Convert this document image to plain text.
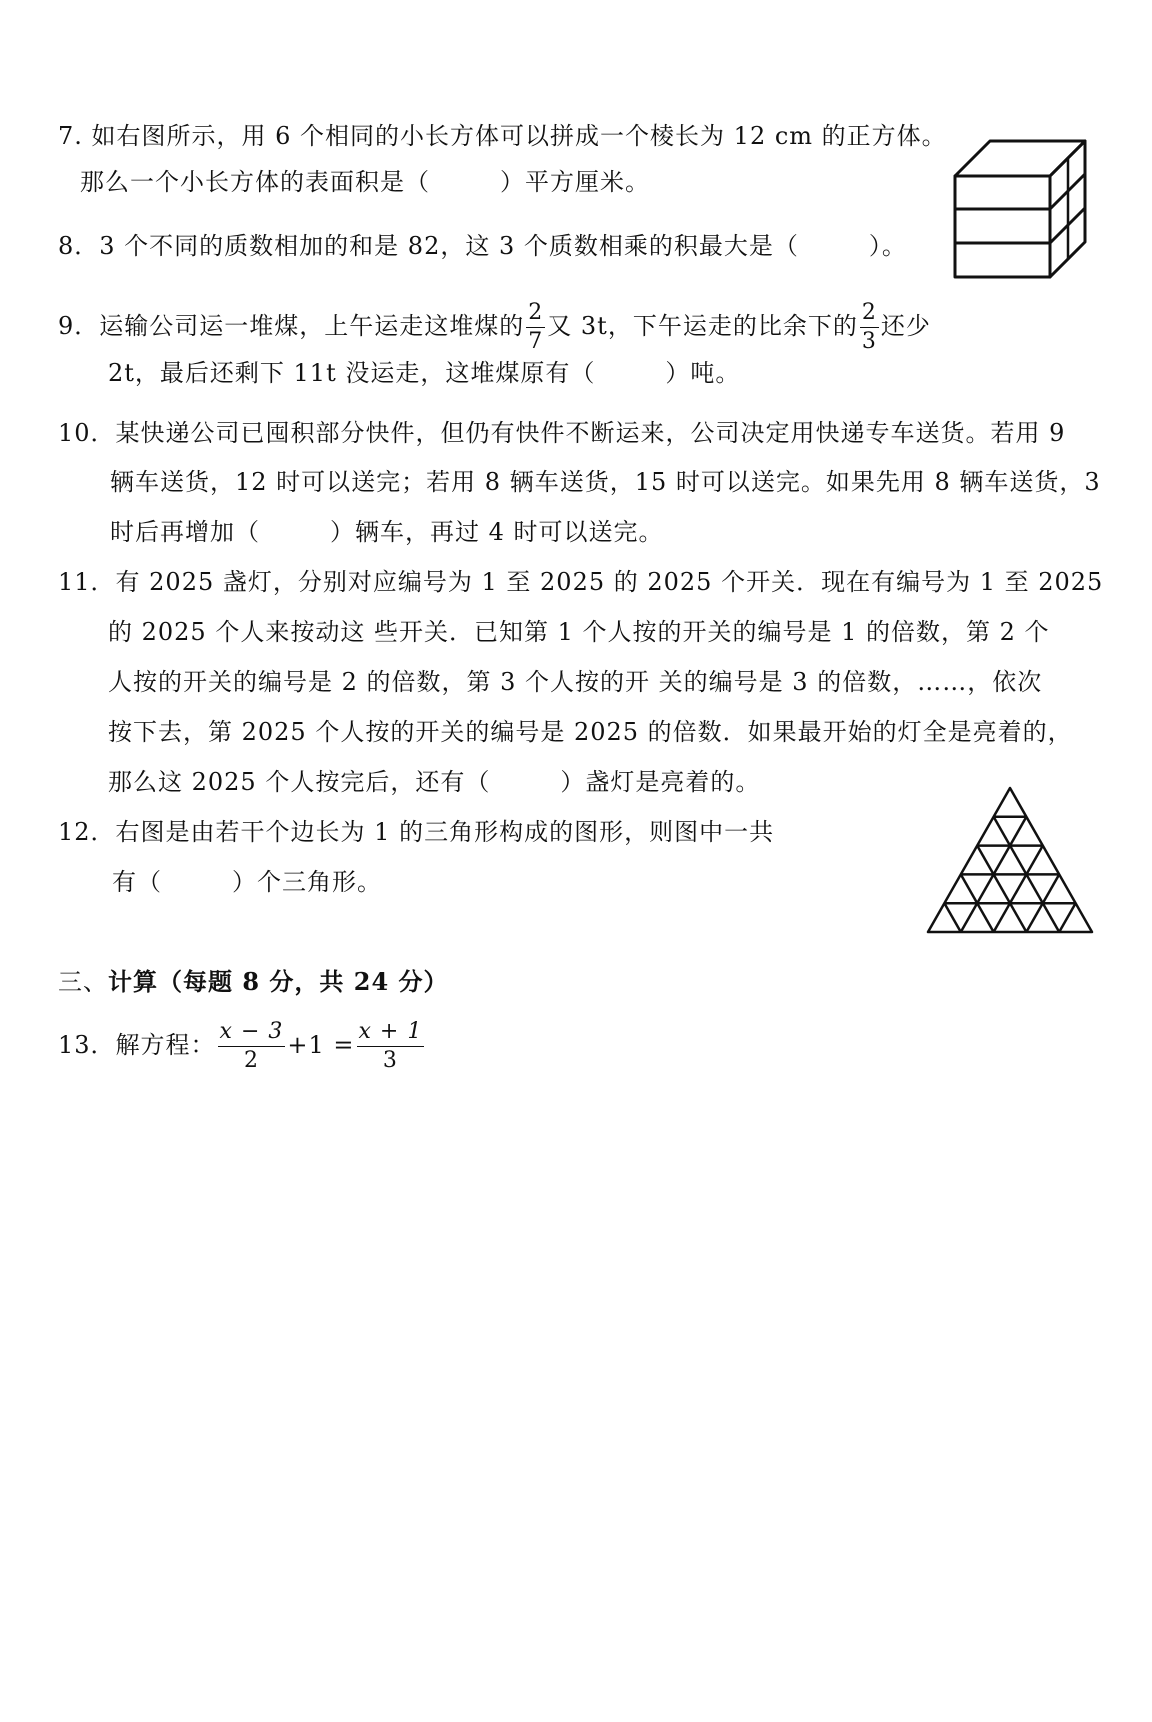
7. 如右图所示，用 6 个相同的小长方体可以拼成一个棱长为 12 cm 的正方体。
那么一个小长方体的表面积是（	）平方厘米。
8．3 个不同的质数相加的和是 82，这 3 个质数相乘的积最大是（	）。
9．运输公司运一堆煤，上午运走这堆煤的 $\frac{2}{7}$ 又 3t，下午运走的比余下的 $\frac{2}{3}$ 还少
2t，最后还剩下 11t 没运走，这堆煤原有（	）吨。
10．某快递公司已囤积部分快件，但仍有快件不断运来，公司决定用快递专车送货。若用 9
辆车送货，12 时可以送完；若用 8 辆车送货，15 时可以送完。如果先用 8 辆车送货，3
时后再增加（	）辆车，再过 4 时可以送完。
11．有 2025 盏灯，分别对应编号为 1 至 2025 的 2025 个开关．现在有编号为 1 至 2025
的 2025 个人来按动这 些开关．已知第 1 个人按的开关的编号是 1 的倍数，第 2 个
人按的开关的编号是 2 的倍数，第 3 个人按的开 关的编号是 3 的倍数，……，依次
按下去，第 2025 个人按的开关的编号是 2025 的倍数．如果最开始的灯全是亮着的，
那么这 2025 个人按完后，还有（	）盏灯是亮着的。
12．右图是由若干个边长为 1 的三角形构成的图形，则图中一共
有（	）个三角形。
三、计算（每题 8 分，共 24 分）
13．解方程： $\frac{x - 3}{2} +1 = \frac{x + 1}{3}$
